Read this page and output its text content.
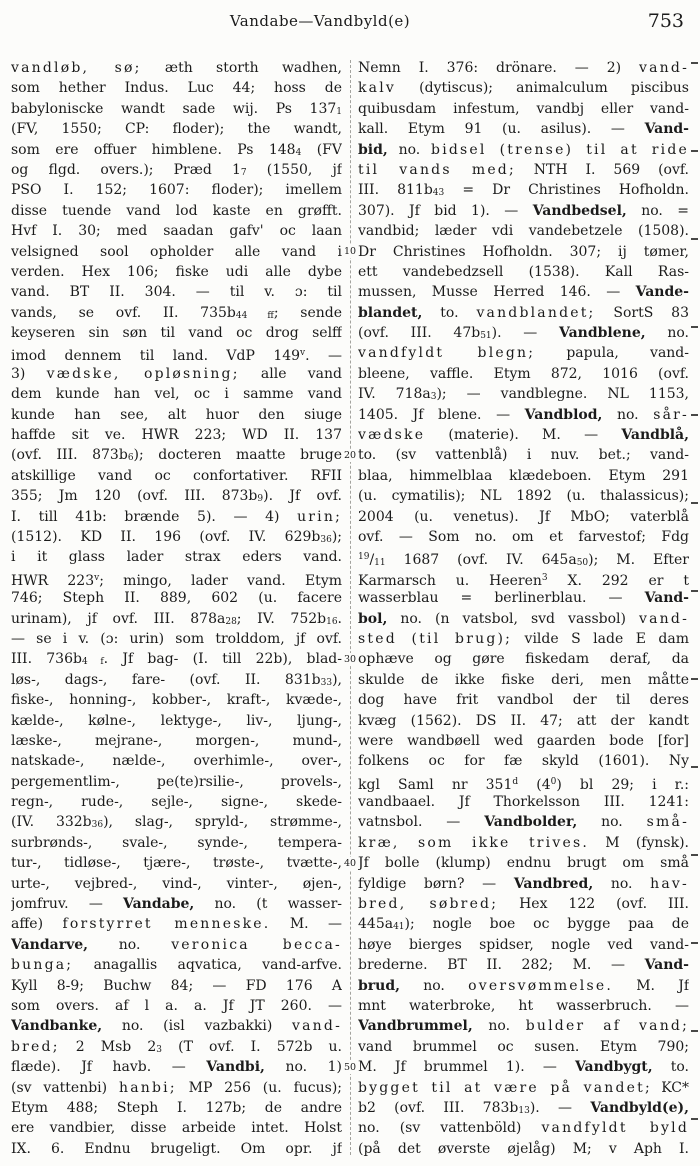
Vandabe—Vandbyld(e)	753
vandløb, sø; æth storth wadhen,
som hether Indus. Luc 44; hoss de
babyloniscke wandt sade wij. Ps 1371
(FV, 1550; CP: floder); the wandt,
som ere offuer himblene. Ps 1484 (FV
og flgd. overs.); Præd 17 (1550, jf
PSO I. 152; 1607: floder); imellem
disse tuende vand lod kaste en grøfft.
Hvf I. 30; med saadan gafv' oc laan
velsigned sool opholder alle vand i
verden. Hex 106; fiske udi alle dybe
vand. BT II. 304. — til v. ɔ: til
vands, se ovf. II. 735b44 ff; sende
keyseren sin søn til vand oc drog selff
imod dennem til land. VdP 149$^v$. —
3) vædske, opløsning; alle vand
dem kunde han vel, oc i samme vand
kunde han see, alt huor den siuge
haffde sit ve. HWR 223; WD II. 137
(ovf. III. 873b6); docteren maatte bruge
atskillige vand oc confortativer. RFII
355; Jm 120 (ovf. III. 873b9). Jf ovf.
I. till 41b: brænde 5). — 4) urin;
(1512). KD II. 196 (ovf. IV. 629b36);
i it glass lader strax eders vand.
HWR 223$^v$; mingo, lader vand. Etym
746; Steph II. 889, 602 (u. facere
urinam), jf ovf. III. 878a28; IV. 752b16.
— se i v. (ɔ: urin) som trolddom, jf ovf.
III. 736b4 f. Jf bag- (I. till 22b), blad-
løs-, dags-, fare- (ovf. II. 831b33),
fiske-, honning-, kobber-, kraft-, kvæde-,
kælde-, kølne-, lektyge-, liv-, ljung-,
læske-, mejrane-, morgen-, mund-,
natskade-, nælde-, overhimle-, over-,
pergementlim-, pe(te)rsilie-, provels-,
regn-, rude-, sejle-, signe-, skede-
(IV. 332b36), slag-, spryld-, strømme-,
surbrønds-, svale-, synde-, tempera-
tur-, tidløse-, tjære-, trøste-, tvætte-,
urte-, vejbred-, vind-, vinter-, øjen-,
jomfruv. — Vandabe, no. (t wasser-
affe) forstyrret menneske. M. —
Vandarve, no. veronica becca-
bunga; anagallis aqvatica, vand-arfve.
Kyll 8-9; Buchw 84; — FD 176 A
som overs. af l a. a. Jf JT 260. —
Vandbanke, no. (isl vazbakki) vand-
bred; 2 Msb 23 (T ovf. I. 572b u.
flæde). Jf havb. — Vandbi, no. 1)
(sv vattenbi) hanbi; MP 256 (u. fucus);
Etym 488; Steph I. 127b; de andre
ere vandbier, disse arbeide intet. Holst
IX. 6. Endnu brugeligt. Om opr. jf
10
20
30
40
50
Nemn I. 376: drönare. — 2) vand-
kalv (dytiscus); animalculum piscibus
quibusdam infestum, vandbj eller vand-
kall. Etym 91 (u. asilus). — Vand-
bid, no. bidsel (trense) til at ride
til vands med; NTH I. 569 (ovf.
III. 811b43 = Dr Christines Hofholdn.
307). Jf bid 1). — Vandbedsel, no. =
vandbid; læder vdi vandebetzele (1508).
Dr Christines Hofholdn. 307; ij tømer,
ett vandebedzsell (1538). Kall Ras-
mussen, Musse Herred 146. — Vande-
blandet, to. vandblandet; SortS 83
(ovf. III. 47b51). — Vandblene, no.
vandfyldt blegn; papula, vand-
bleene, vaffle. Etym 872, 1016 (ovf.
IV. 718a3); — vandblegne. NL 1153,
1405. Jf blene. — Vandblod, no. sår-
vædske (materie). M. — Vandblå,
to. (sv vattenblå) i nuv. bet.; vand-
blaa, himmelblaa klædeboen. Etym 291
(u. cymatilis); NL 1892 (u. thalassicus);
2004 (u. venetus). Jf MbO; vaterblå
ovf. — Som no. om et farvestof; Fdg
$^{19}$/11 1687 (ovf. IV. 645a50); M. Efter
Karmarsch u. Heeren$^3$ X. 292 er t
wasserblau = berlinerblau. — Vand-
bol, no. (n vatsbol, svd vassbol) vand-
sted (til brug); vilde S lade E dam
ophæve og gøre fiskedam deraf, da
skulde de ikke fiske deri, men måtte
dog have frit vandbol der til deres
kvæg (1562). DS II. 47; att der kandt
were wandbøell wed gaarden bode [for]
folkens oc for fæ skyld (1601). Ny
kgl Saml nr 351$^d$ $(4^0)$ bl 29; i r.:
vandbaael. Jf Thorkelsson III. 1241:
vatnsbol. — Vandbolder, no. små-
kræ, som ikke trives. M (fynsk).
Jf bolle (klump) endnu brugt om små
fyldige børn? — Vandbred, no. hav-
bred, søbred; Hex 122 (ovf. III.
445a41); nogle boe oc bygge paa de
høye bierges spidser, nogle ved vand-
brederne. BT II. 282; M. — Vand-
brud, no. oversvømmelse. M. Jf
mnt waterbroke, ht wasserbruch. —
Vandbrummel, no. bulder af vand;
vand brummel oc susen. Etym 790;
M. Jf brummel 1). — Vandbygt, to.
bygget til at være på vandet; KC*
b2 (ovf. III. 783b13). — Vandbyld(e),
no. (sv vattenböld) vandfyldt byld
(på det øverste øjelåg) M; v Aph I.
